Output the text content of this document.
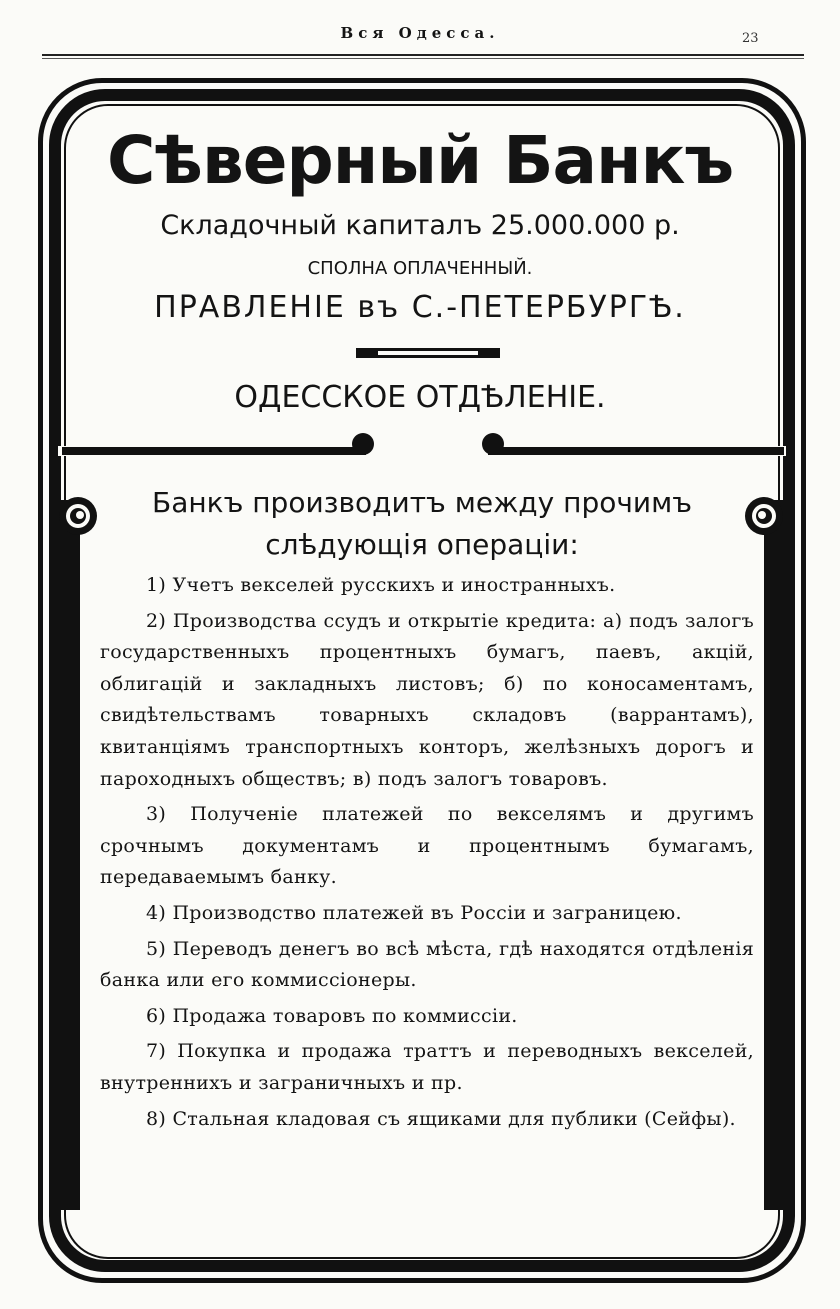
Вся Одесса.	23
Сѣверный Банкъ
Складочный капиталъ 25.000.000 р.
СПОЛНА ОПЛАЧЕННЫЙ.
ПРАВЛЕНІЕ въ С.-ПЕТЕРБУРГѢ.
ОДЕССКОЕ ОТДѢЛЕНІЕ.
Банкъ производитъ между прочимъ
слѣдующія операціи:

1) Учетъ векселей русскихъ и иностранныхъ.

2) Производства ссудъ и открытіе кредита: а) подъ залогъ государственныхъ процентныхъ бумагъ, паевъ, акцій, облигацій и закладныхъ листовъ; б) по коносаментамъ, свидѣтельствамъ товарныхъ складовъ (варрантамъ), квитанціямъ транспортныхъ конторъ, желѣзныхъ дорогъ и пароходныхъ обществъ; в) подъ залогъ товаровъ.

3) Полученіе платежей по векселямъ и другимъ срочнымъ документамъ и процентнымъ бумагамъ, передаваемымъ банку.

4) Производство платежей въ Россіи и заграницею.

5) Переводъ денегъ во всѣ мѣста, гдѣ находятся отдѣленія банка или его коммиссіонеры.

6) Продажа товаровъ по коммиссіи.

7) Покупка и продажа траттъ и переводныхъ векселей, внутреннихъ и заграничныхъ и пр.

8) Стальная кладовая съ ящиками для публики (Сейфы).
